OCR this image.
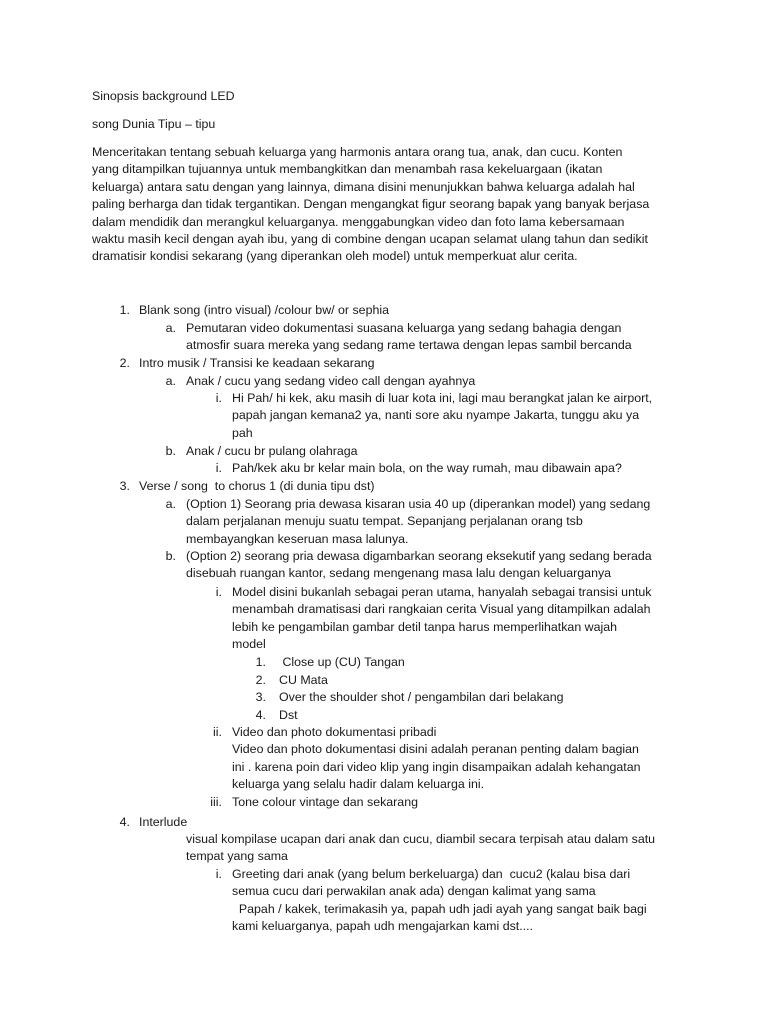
Sinopsis background LED
song Dunia Tipu – tipu
Menceritakan tentang sebuah keluarga yang harmonis antara orang tua, anak, dan cucu. Konten
yang ditampilkan tujuannya untuk membangkitkan dan menambah rasa kekeluargaan (ikatan
keluarga) antara satu dengan yang lainnya, dimana disini menunjukkan bahwa keluarga adalah hal
paling berharga dan tidak tergantikan. Dengan mengangkat figur seorang bapak yang banyak berjasa
dalam mendidik dan merangkul keluarganya. menggabungkan video dan foto lama kebersamaan
waktu masih kecil dengan ayah ibu, yang di combine dengan ucapan selamat ulang tahun dan sedikit
dramatisir kondisi sekarang (yang diperankan oleh model) untuk memperkuat alur cerita.
1. Blank song (intro visual) /colour bw/ or sephia
a. Pemutaran video dokumentasi suasana keluarga yang sedang bahagia dengan
atmosfir suara mereka yang sedang rame tertawa dengan lepas sambil bercanda
2. Intro musik / Transisi ke keadaan sekarang
a. Anak / cucu yang sedang video call dengan ayahnya
i. Hi Pah/ hi kek, aku masih di luar kota ini, lagi mau berangkat jalan ke airport,
papah jangan kemana2 ya, nanti sore aku nyampe Jakarta, tunggu aku ya
pah
b. Anak / cucu br pulang olahraga
i. Pah/kek aku br kelar main bola, on the way rumah, mau dibawain apa?
3. Verse / song  to chorus 1 (di dunia tipu dst)
a. (Option 1) Seorang pria dewasa kisaran usia 40 up (diperankan model) yang sedang
dalam perjalanan menuju suatu tempat. Sepanjang perjalanan orang tsb
membayangkan keseruan masa lalunya.
b. (Option 2) seorang pria dewasa digambarkan seorang eksekutif yang sedang berada
disebuah ruangan kantor, sedang mengenang masa lalu dengan keluarganya
i. Model disini bukanlah sebagai peran utama, hanyalah sebagai transisi untuk
menambah dramatisasi dari rangkaian cerita Visual yang ditampilkan adalah
lebih ke pengambilan gambar detil tanpa harus memperlihatkan wajah
model
1. Close up (CU) Tangan
2. CU Mata
3. Over the shoulder shot / pengambilan dari belakang
4. Dst
ii. Video dan photo dokumentasi pribadi
Video dan photo dokumentasi disini adalah peranan penting dalam bagian
ini . karena poin dari video klip yang ingin disampaikan adalah kehangatan
keluarga yang selalu hadir dalam keluarga ini.
iii. Tone colour vintage dan sekarang
4. Interlude
visual kompilase ucapan dari anak dan cucu, diambil secara terpisah atau dalam satu
tempat yang sama
i. Greeting dari anak (yang belum berkeluarga) dan  cucu2 (kalau bisa dari
semua cucu dari perwakilan anak ada) dengan kalimat yang sama
Papah / kakek, terimakasih ya, papah udh jadi ayah yang sangat baik bagi
kami keluarganya, papah udh mengajarkan kami dst....
